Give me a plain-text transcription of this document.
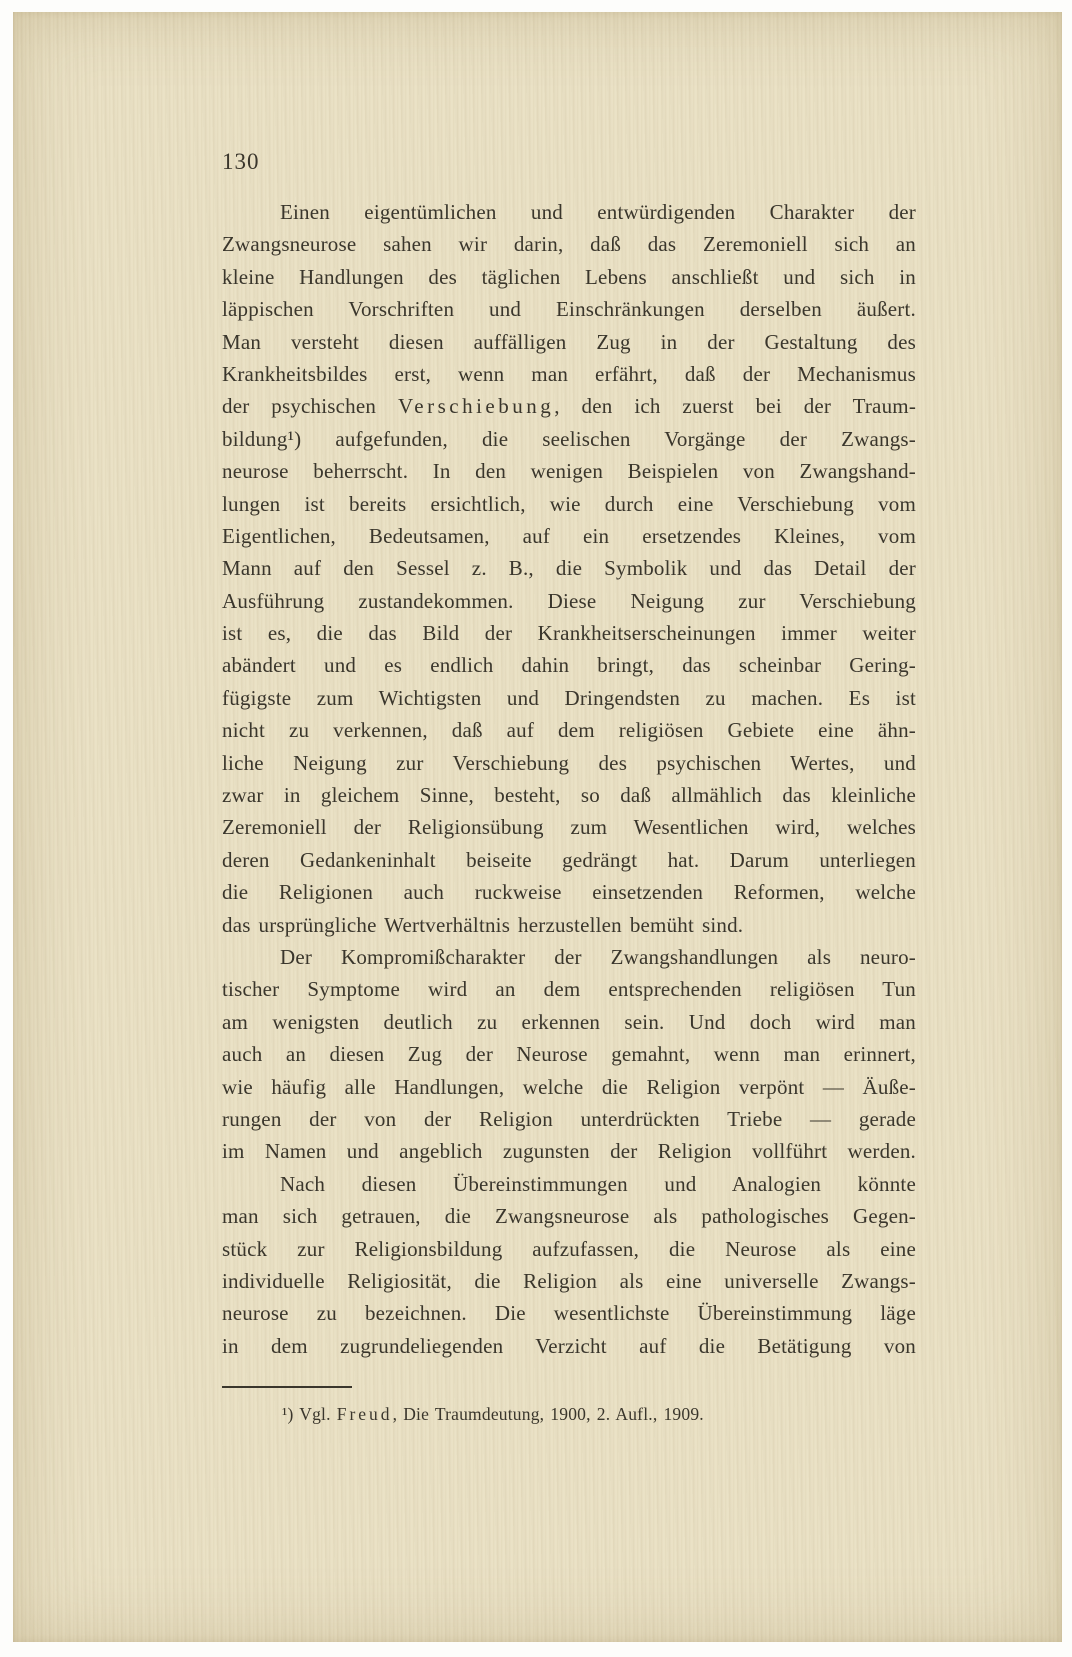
130
Einen eigentümlichen und entwürdigenden Charakter der
Zwangsneurose sahen wir darin, daß das Zeremoniell sich an
kleine Handlungen des täglichen Lebens anschließt und sich in
läppischen Vorschriften und Einschränkungen derselben äußert.
Man versteht diesen auffälligen Zug in der Gestaltung des
Krankheitsbildes erst, wenn man erfährt, daß der Mechanismus
der psychischen Verschiebung, den ich zuerst bei der Traum-
bildung¹) aufgefunden, die seelischen Vorgänge der Zwangs-
neurose beherrscht. In den wenigen Beispielen von Zwangshand-
lungen ist bereits ersichtlich, wie durch eine Verschiebung vom
Eigentlichen, Bedeutsamen, auf ein ersetzendes Kleines, vom
Mann auf den Sessel z. B., die Symbolik und das Detail der
Ausführung zustandekommen. Diese Neigung zur Verschiebung
ist es, die das Bild der Krankheitserscheinungen immer weiter
abändert und es endlich dahin bringt, das scheinbar Gering-
fügigste zum Wichtigsten und Dringendsten zu machen. Es ist
nicht zu verkennen, daß auf dem religiösen Gebiete eine ähn-
liche Neigung zur Verschiebung des psychischen Wertes, und
zwar in gleichem Sinne, besteht, so daß allmählich das kleinliche
Zeremoniell der Religionsübung zum Wesentlichen wird, welches
deren Gedankeninhalt beiseite gedrängt hat. Darum unterliegen
die Religionen auch ruckweise einsetzenden Reformen, welche
das ursprüngliche Wertverhältnis herzustellen bemüht sind.
Der Kompromißcharakter der Zwangshandlungen als neuro-
tischer Symptome wird an dem entsprechenden religiösen Tun
am wenigsten deutlich zu erkennen sein. Und doch wird man
auch an diesen Zug der Neurose gemahnt, wenn man erinnert,
wie häufig alle Handlungen, welche die Religion verpönt — Äuße-
rungen der von der Religion unterdrückten Triebe — gerade
im Namen und angeblich zugunsten der Religion vollführt werden.
Nach diesen Übereinstimmungen und Analogien könnte
man sich getrauen, die Zwangsneurose als pathologisches Gegen-
stück zur Religionsbildung aufzufassen, die Neurose als eine
individuelle Religiosität, die Religion als eine universelle Zwangs-
neurose zu bezeichnen. Die wesentlichste Übereinstimmung läge
in dem zugrundeliegenden Verzicht auf die Betätigung von
¹) Vgl. Freud, Die Traumdeutung, 1900, 2. Aufl., 1909.
